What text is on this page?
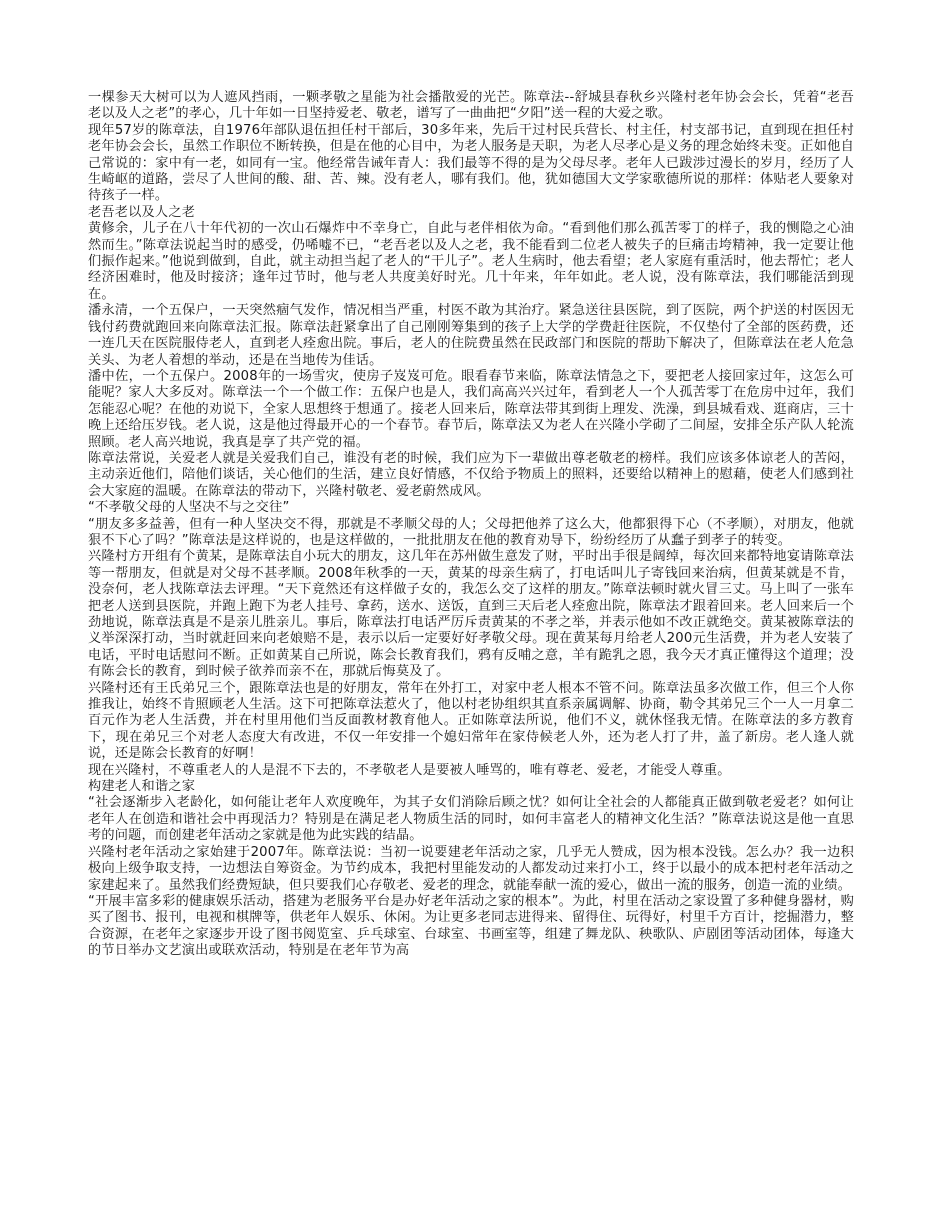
一棵参天大树可以为人遮风挡雨，一颗孝敬之星能为社会播散爱的光芒。陈章法--舒城县春秋乡兴隆村老年协会会长，凭着“老吾老以及人之老”的孝心，几十年如一日坚持爱老、敬老，谱写了一曲曲把“夕阳”送一程的大爱之歌。

现年57岁的陈章法，自1976年部队退伍担任村干部后，30多年来，先后干过村民兵营长、村主任，村支部书记，直到现在担任村老年协会会长，虽然工作职位不断转换，但是在他的心目中，为老人服务是天职，为老人尽孝心是义务的理念始终未变。正如他自己常说的：家中有一老，如同有一宝。他经常告诫年青人：我们最等不得的是为父母尽孝。老年人已跋涉过漫长的岁月，经历了人生崎岖的道路，尝尽了人世间的酸、甜、苦、辣。没有老人，哪有我们。他，犹如德国大文学家歌德所说的那样：体贴老人要象对待孩子一样。

老吾老以及人之老

黄修余，儿子在八十年代初的一次山石爆炸中不幸身亡，自此与老伴相依为命。“看到他们那么孤苦零丁的样子，我的恻隐之心油然而生。”陈章法说起当时的感受，仍唏嘘不已，“老吾老以及人之老，我不能看到二位老人被失子的巨痛击垮精神，我一定要让他们振作起来。”他说到做到，自此，就主动担当起了老人的“干儿子”。老人生病时，他去看望；老人家庭有重活时，他去帮忙；老人经济困难时，他及时接济；逢年过节时，他与老人共度美好时光。几十年来，年年如此。老人说，没有陈章法，我们哪能活到现在。

潘永清，一个五保户，一天突然痼气发作，情况相当严重，村医不敢为其治疗。紧急送往县医院，到了医院，两个护送的村医因无钱付药费就跑回来向陈章法汇报。陈章法赶紧拿出了自己刚刚筹集到的孩子上大学的学费赶往医院，不仅垫付了全部的医药费，还一连几天在医院服侍老人，直到老人痊愈出院。事后，老人的住院费虽然在民政部门和医院的帮助下解决了，但陈章法在老人危急关头、为老人着想的举动，还是在当地传为佳话。

潘中佐，一个五保户。2008年的一场雪灾，使房子岌岌可危。眼看春节来临，陈章法情急之下，要把老人接回家过年，这怎么可能呢？家人大多反对。陈章法一个一个做工作：五保户也是人，我们高高兴兴过年，看到老人一个人孤苦零丁在危房中过年，我们怎能忍心呢？在他的劝说下，全家人思想终于想通了。接老人回来后，陈章法带其到街上理发、洗澡，到县城看戏、逛商店，三十晚上还给压岁钱。老人说，这是他过得最开心的一个春节。春节后，陈章法又为老人在兴隆小学砌了二间屋，安排全乐产队人轮流照顾。老人高兴地说，我真是享了共产党的福。

陈章法常说，关爱老人就是关爱我们自己，谁没有老的时候，我们应为下一辈做出尊老敬老的榜样。我们应该多体谅老人的苦闷，主动亲近他们，陪他们谈话，关心他们的生活，建立良好情感，不仅给予物质上的照料，还要给以精神上的慰藉，使老人们感到社会大家庭的温暖。在陈章法的带动下，兴隆村敬老、爱老蔚然成风。

“不孝敬父母的人坚决不与之交往”

“朋友多多益善，但有一种人坚决交不得，那就是不孝顺父母的人；父母把他养了这么大，他都狠得下心（不孝顺），对朋友，他就狠不下心了吗？”陈章法是这样说的，也是这样做的，一批批朋友在他的教育劝导下，纷纷经历了从蠢子到孝子的转变。

兴隆村方开组有个黄某，是陈章法自小玩大的朋友，这几年在苏州做生意发了财，平时出手很是阔绰，每次回来都特地宴请陈章法等一帮朋友，但就是对父母不甚孝顺。2008年秋季的一天，黄某的母亲生病了，打电话叫儿子寄钱回来治病，但黄某就是不肯，没奈何，老人找陈章法去评理。“天下竟然还有这样做子女的，我怎么交了这样的朋友。”陈章法顿时就火冒三丈。马上叫了一张车把老人送到县医院，并跑上跑下为老人挂号、拿药，送水、送饭，直到三天后老人痊愈出院，陈章法才跟着回来。老人回来后一个劲地说，陈章法真是不是亲儿胜亲儿。事后，陈章法打电话严厉斥责黄某的不孝之举，并表示他如不改正就绝交。黄某被陈章法的义举深深打动，当时就赶回来向老娘赔不是，表示以后一定要好好孝敬父母。现在黄某每月给老人200元生活费，并为老人安装了电话，平时电话慰问不断。正如黄某自己所说，陈会长教育我们，鸦有反哺之意，羊有跪乳之恩，我今天才真正懂得这个道理；没有陈会长的教育，到时候子欲养而亲不在，那就后悔莫及了。

兴隆村还有王氏弟兄三个，跟陈章法也是的好朋友，常年在外打工，对家中老人根本不管不问。陈章法虽多次做工作，但三个人你推我让，始终不肯照顾老人生活。这下可把陈章法惹火了，他以村老协组织其直系亲属调解、协商，勒令其弟兄三个一人一月拿二百元作为老人生活费，并在村里用他们当反面教材教育他人。正如陈章法所说，他们不义，就休怪我无情。在陈章法的多方教育下，现在弟兄三个对老人态度大有改进，不仅一年安排一个媳妇常年在家侍候老人外，还为老人打了井，盖了新房。老人逢人就说，还是陈会长教育的好啊！

现在兴隆村，不尊重老人的人是混不下去的，不孝敬老人是要被人唾骂的，唯有尊老、爱老，才能受人尊重。

构建老人和谐之家

“社会逐渐步入老龄化，如何能让老年人欢度晚年，为其子女们消除后顾之忧？如何让全社会的人都能真正做到敬老爱老？如何让老年人在创造和谐社会中再现活力？特别是在满足老人物质生活的同时，如何丰富老人的精神文化生活？”陈章法说这是他一直思考的问题，而创建老年活动之家就是他为此实践的结晶。

兴隆村老年活动之家始建于2007年。陈章法说：当初一说要建老年活动之家，几乎无人赞成，因为根本没钱。怎么办？我一边积极向上级争取支持，一边想法自筹资金。为节约成本，我把村里能发动的人都发动过来打小工，终于以最小的成本把村老年活动之家建起来了。虽然我们经费短缺，但只要我们心存敬老、爱老的理念，就能奉献一流的爱心，做出一流的服务，创造一流的业绩。

“开展丰富多彩的健康娱乐活动，搭建为老服务平台是办好老年活动之家的根本”。为此，村里在活动之家设置了多种健身器材，购买了图书、报刊，电视和棋牌等，供老年人娱乐、休闲。为让更多老同志进得来、留得住、玩得好，村里千方百计，挖掘潜力，整合资源，在老年之家逐步开设了图书阅览室、乒乓球室、台球室、书画室等，组建了舞龙队、秧歌队、庐剧团等活动团体，每逢大的节日举办文艺演出或联欢活动，特别是在老年节为高
